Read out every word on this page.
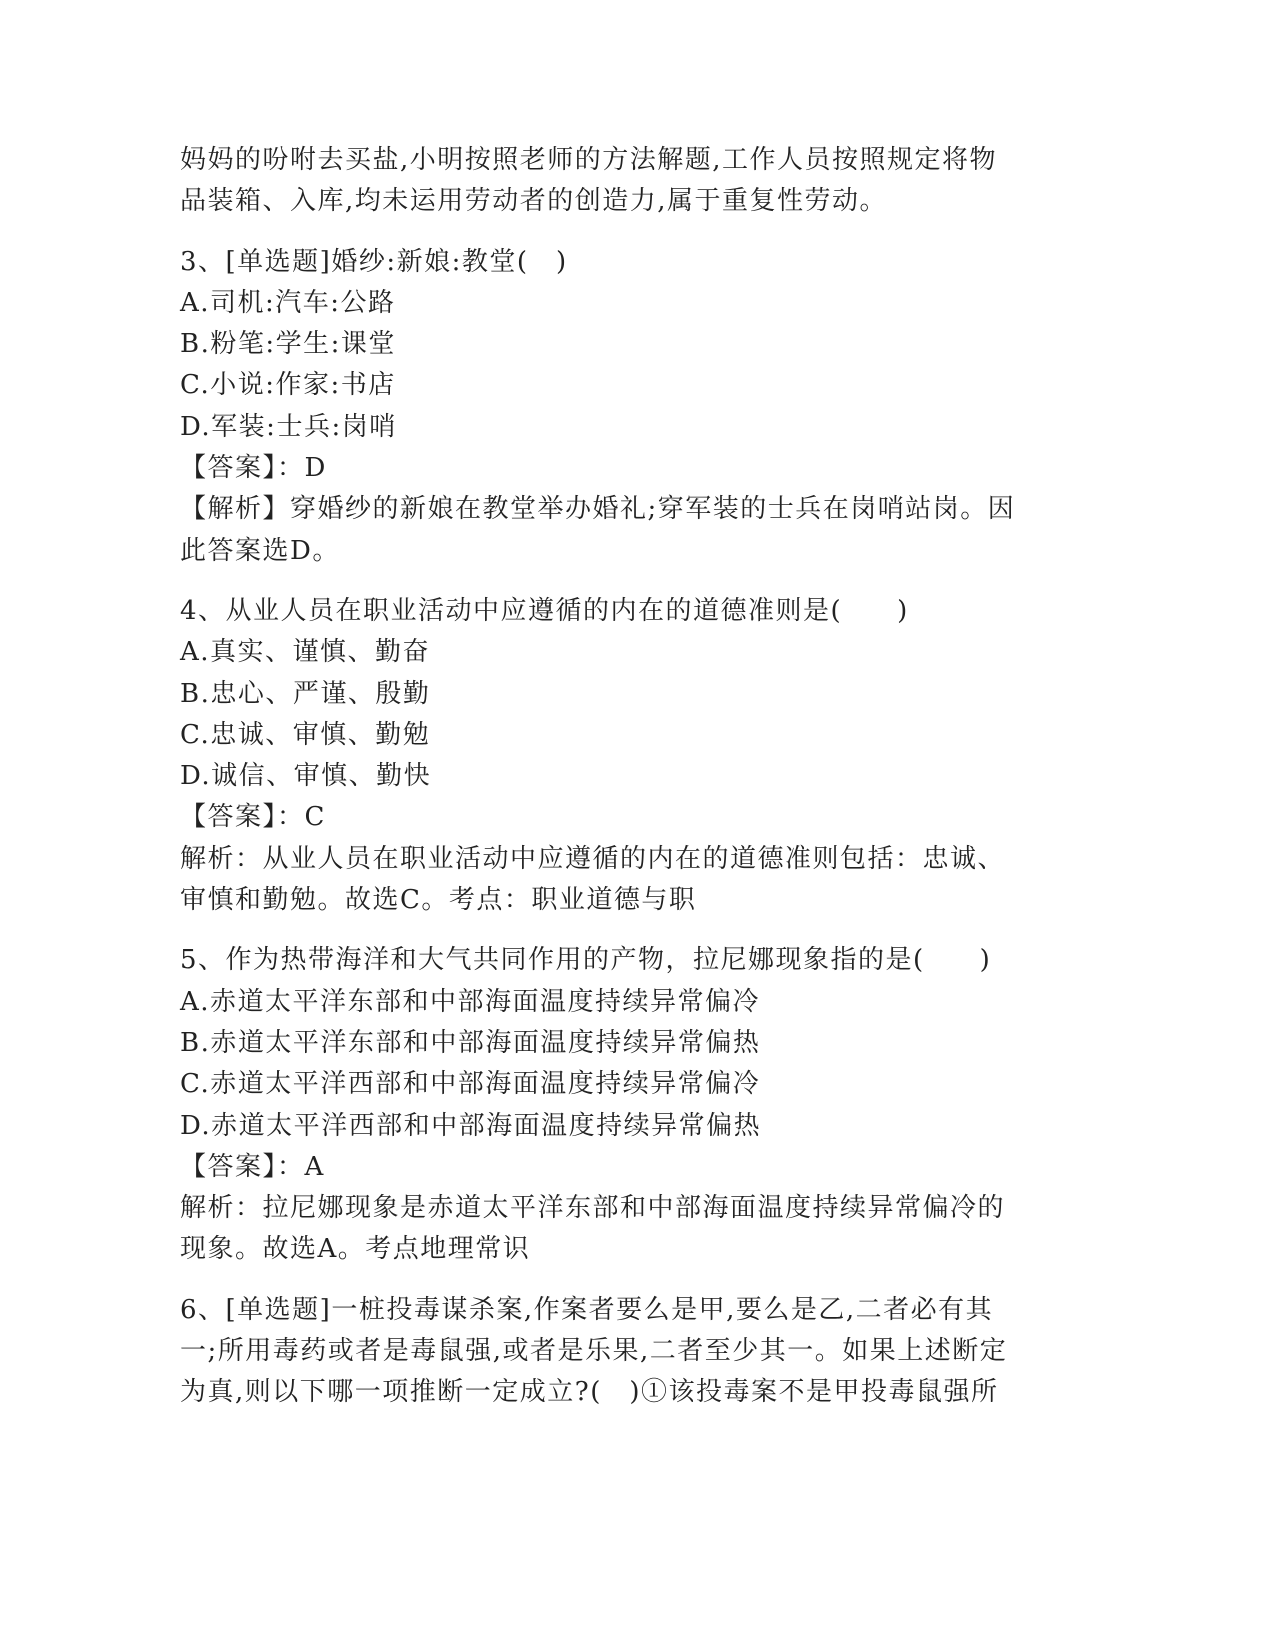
妈妈的吩咐去买盐,小明按照老师的方法解题,工作人员按照规定将物
品装箱、入库,均未运用劳动者的创造力,属于重复性劳动。
3、[单选题]婚纱:新娘:教堂(　)
A.司机:汽车:公路
B.粉笔:学生:课堂
C.小说:作家:书店
D.军装:士兵:岗哨
【答案】：D
【解析】穿婚纱的新娘在教堂举办婚礼;穿军装的士兵在岗哨站岗。因
此答案选D。
4、从业人员在职业活动中应遵循的内在的道德准则是(　　)
A.真实、谨慎、勤奋
B.忠心、严谨、殷勤
C.忠诚、审慎、勤勉
D.诚信、审慎、勤快
【答案】：C
解析：从业人员在职业活动中应遵循的内在的道德准则包括：忠诚、
审慎和勤勉。故选C。考点：职业道德与职
5、作为热带海洋和大气共同作用的产物，拉尼娜现象指的是(　　)
A.赤道太平洋东部和中部海面温度持续异常偏冷
B.赤道太平洋东部和中部海面温度持续异常偏热
C.赤道太平洋西部和中部海面温度持续异常偏冷
D.赤道太平洋西部和中部海面温度持续异常偏热
【答案】：A
解析：拉尼娜现象是赤道太平洋东部和中部海面温度持续异常偏冷的
现象。故选A。考点地理常识
6、[单选题]一桩投毒谋杀案,作案者要么是甲,要么是乙,二者必有其
一;所用毒药或者是毒鼠强,或者是乐果,二者至少其一。如果上述断定
为真,则以下哪一项推断一定成立?(　)①该投毒案不是甲投毒鼠强所
